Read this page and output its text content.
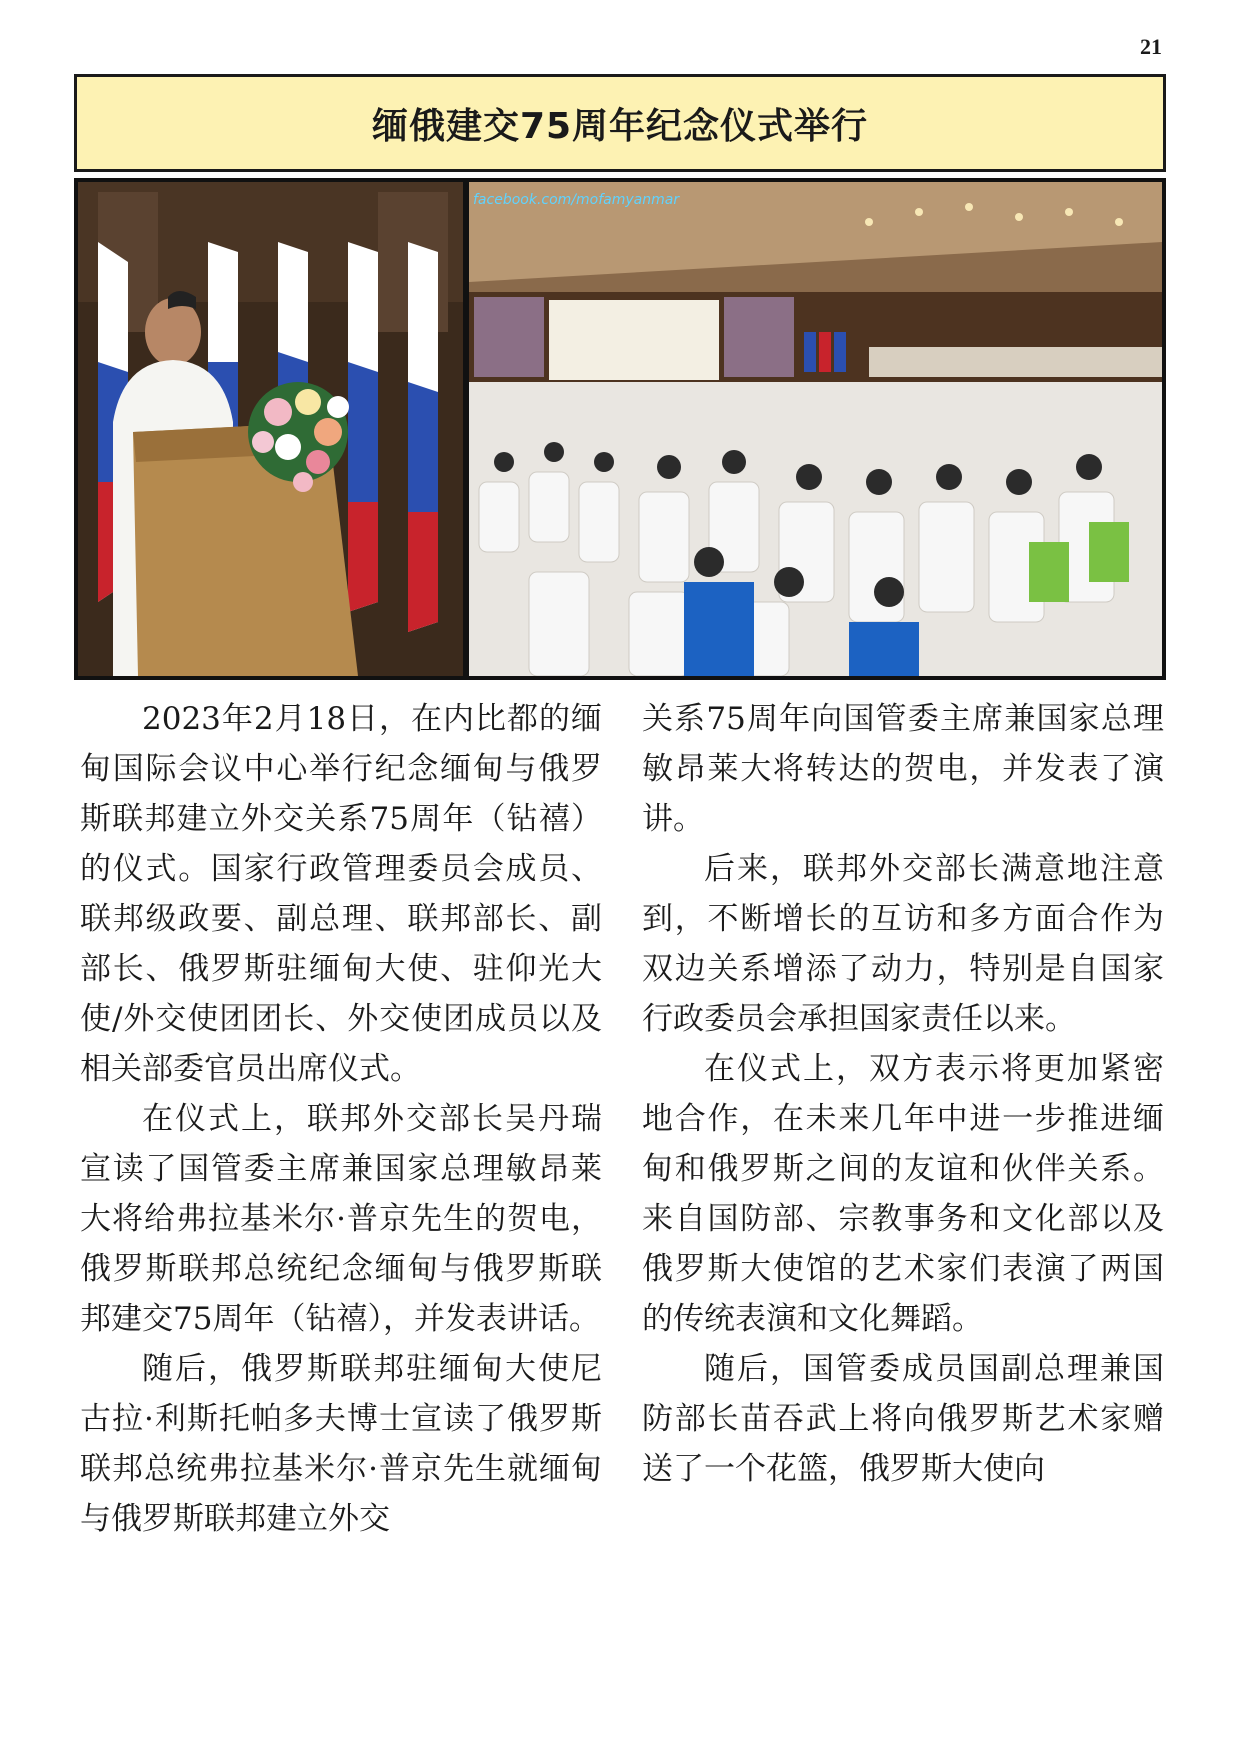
21
缅俄建交75周年纪念仪式举行
facebook.com/mofamyanmar

2023年2月18日，在内比都的缅甸国际会议中心举行纪念缅甸与俄罗斯联邦建立外交关系75周年（钻禧）的仪式。国家行政管理委员会成员、联邦级政要、副总理、联邦部长、副部长、俄罗斯驻缅甸大使、驻仰光大使/外交使团团长、外交使团成员以及相关部委官员出席仪式。

在仪式上，联邦外交部长吴丹瑞宣读了国管委主席兼国家总理敏昂莱大将给弗拉基米尔·普京先生的贺电，俄罗斯联邦总统纪念缅甸与俄罗斯联邦建交75周年（钻禧），并发表讲话。

随后，俄罗斯联邦驻缅甸大使尼古拉·利斯托帕多夫博士宣读了俄罗斯联邦总统弗拉基米尔·普京先生就缅甸与俄罗斯联邦建立外交

关系75周年向国管委主席兼国家总理敏昂莱大将转达的贺电，并发表了演讲。

后来，联邦外交部长满意地注意到，不断增长的互访和多方面合作为双边关系增添了动力，特别是自国家行政委员会承担国家责任以来。

在仪式上，双方表示将更加紧密地合作，在未来几年中进一步推进缅甸和俄罗斯之间的友谊和伙伴关系。来自国防部、宗教事务和文化部以及俄罗斯大使馆的艺术家们表演了两国的传统表演和文化舞蹈。

随后，国管委成员国副总理兼国防部长苗吞武上将向俄罗斯艺术家赠送了一个花篮，俄罗斯大使向
